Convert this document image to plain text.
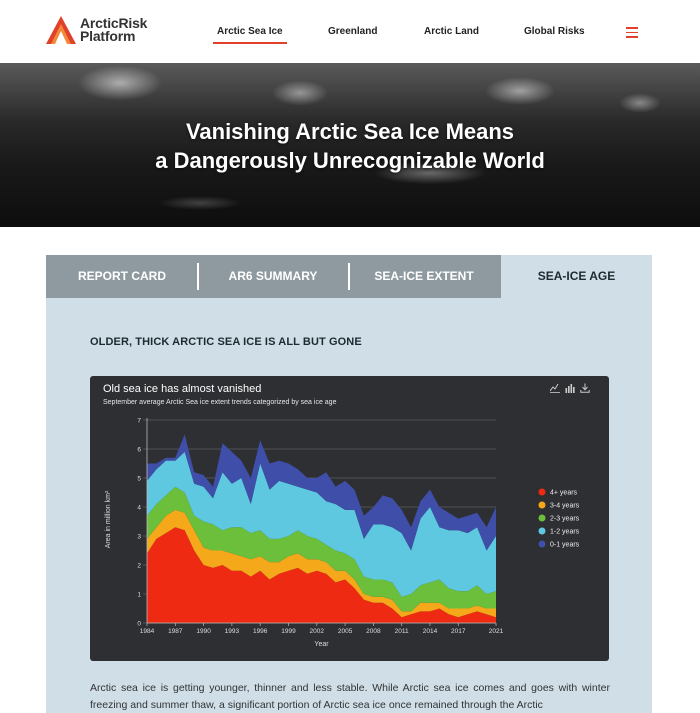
ArcticRisk
Platform	Arctic Sea Ice	Greenland	Arctic Land	Global Risks
Vanishing Arctic Sea Ice Means
a Dangerously Unrecognizable World
REPORT CARD	AR6 SUMMARY	SEA-ICE EXTENT	SEA-ICE AGE
OLDER, THICK ARCTIC SEA ICE IS ALL BUT GONE
0
1
2
3
4
5
6
7
1984 1987 1990 1993 1996 1999 2002 2005 2008 2011 2014 2017	2021
Year
Area in million km²	4+ years
3-4 years
2-3 years
1-2 years
0-1 years
Old sea ice has almost vanished
September average Arctic Sea ice extent trends categorized by sea ice age
Arctic sea ice is getting younger, thinner and less stable. While Arctic sea ice comes and goes with winter freezing and summer thaw, a significant portion of Arctic sea ice once remained through the Arctic
